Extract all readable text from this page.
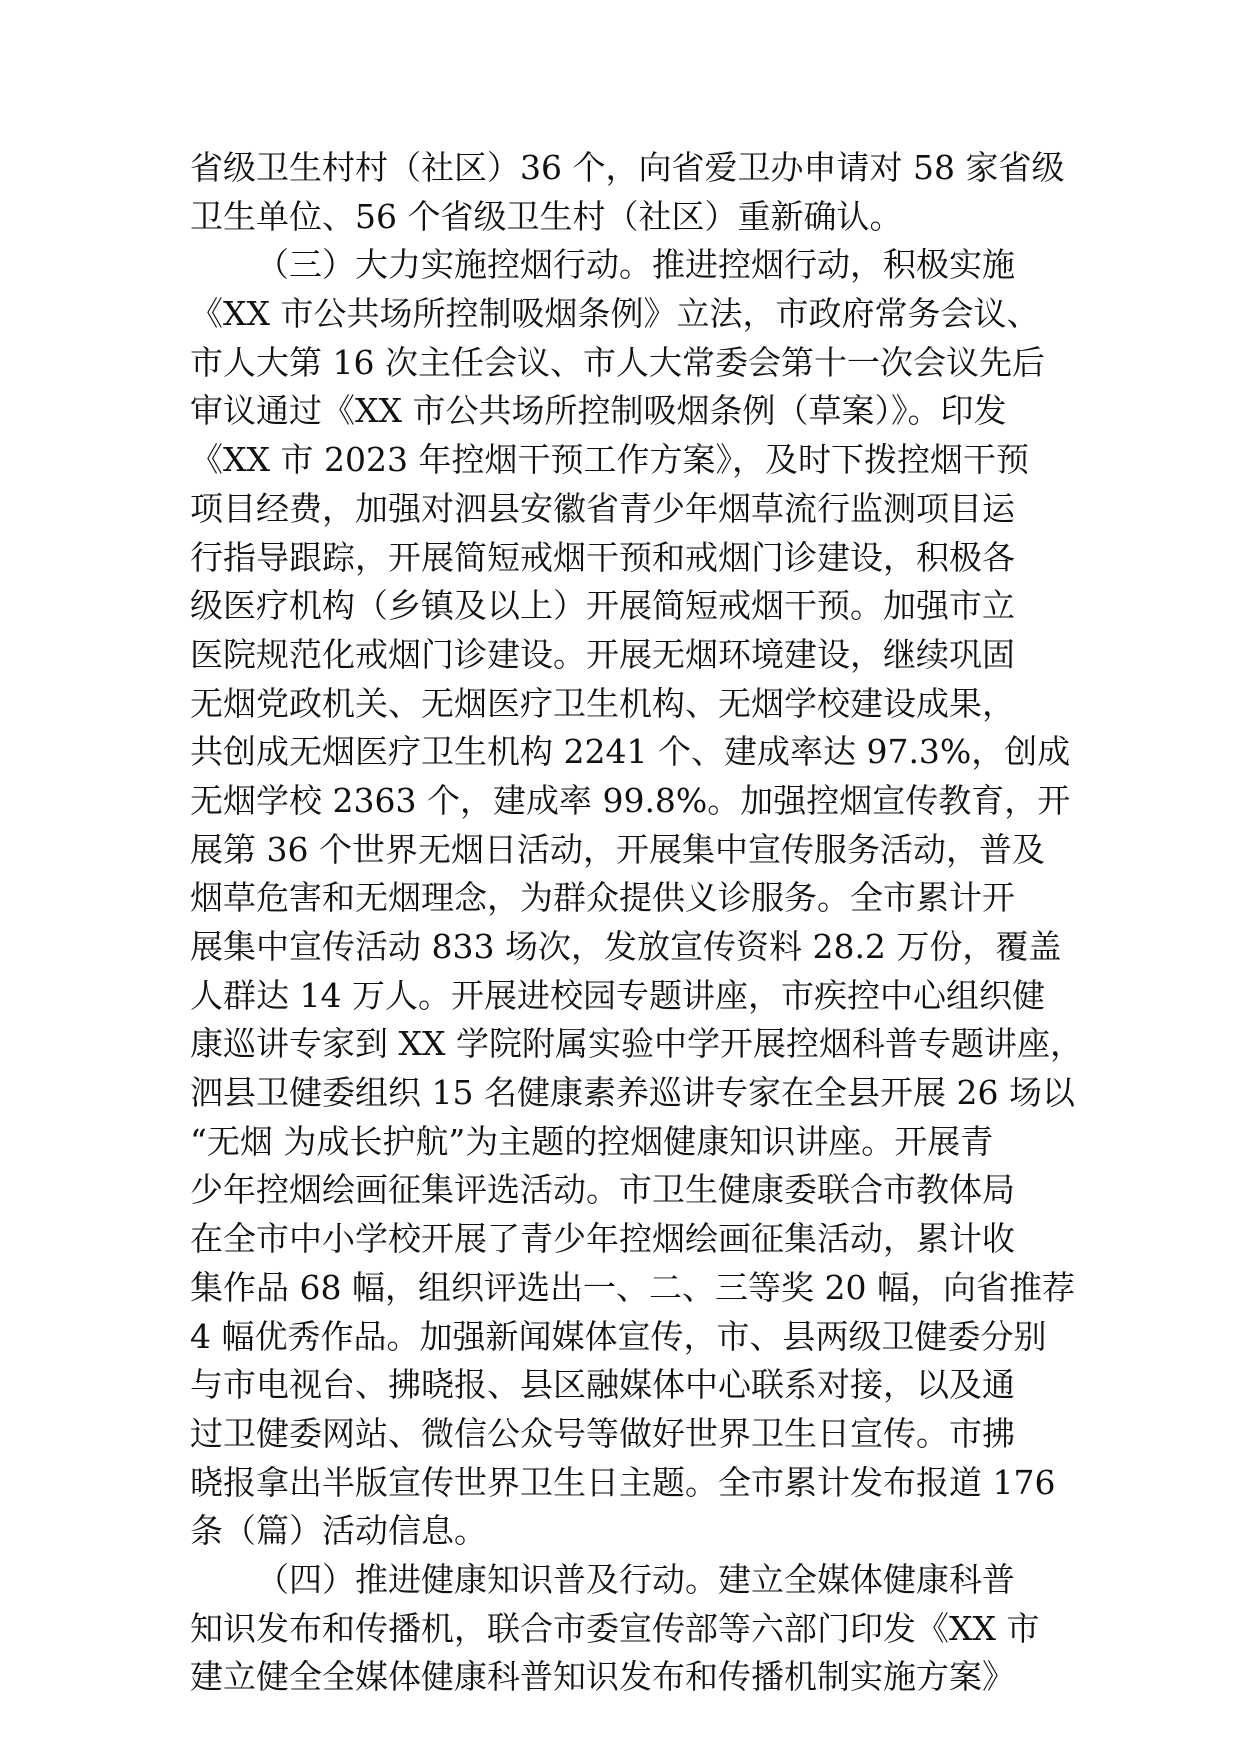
省级卫生村村（社区）36 个，向省爱卫办申请对 58 家省级
卫生单位、56 个省级卫生村（社区）重新确认。
（三）大力实施控烟行动。推进控烟行动，积极实施
《XX 市公共场所控制吸烟条例》立法，市政府常务会议、
市人大第 16 次主任会议、市人大常委会第十一次会议先后
审议通过《XX 市公共场所控制吸烟条例（草案）》。印发
《XX 市 2023 年控烟干预工作方案》，及时下拨控烟干预
项目经费，加强对泗县安徽省青少年烟草流行监测项目运
行指导跟踪，开展简短戒烟干预和戒烟门诊建设，积极各
级医疗机构（乡镇及以上）开展简短戒烟干预。加强市立
医院规范化戒烟门诊建设。开展无烟环境建设，继续巩固
无烟党政机关、无烟医疗卫生机构、无烟学校建设成果，
共创成无烟医疗卫生机构 2241 个、建成率达 97.3%，创成
无烟学校 2363 个，建成率 99.8%。加强控烟宣传教育，开
展第 36 个世界无烟日活动，开展集中宣传服务活动，普及
烟草危害和无烟理念，为群众提供义诊服务。全市累计开
展集中宣传活动 833 场次，发放宣传资料 28.2 万份，覆盖
人群达 14 万人。开展进校园专题讲座，市疾控中心组织健
康巡讲专家到 XX 学院附属实验中学开展控烟科普专题讲座，
泗县卫健委组织 15 名健康素养巡讲专家在全县开展 26 场以
“无烟 为成长护航”为主题的控烟健康知识讲座。开展青
少年控烟绘画征集评选活动。市卫生健康委联合市教体局
在全市中小学校开展了青少年控烟绘画征集活动，累计收
集作品 68 幅，组织评选出一、二、三等奖 20 幅，向省推荐
4 幅优秀作品。加强新闻媒体宣传，市、县两级卫健委分别
与市电视台、拂晓报、县区融媒体中心联系对接，以及通
过卫健委网站、微信公众号等做好世界卫生日宣传。市拂
晓报拿出半版宣传世界卫生日主题。全市累计发布报道 176
条（篇）活动信息。
（四）推进健康知识普及行动。建立全媒体健康科普
知识发布和传播机，联合市委宣传部等六部门印发《XX 市
建立健全全媒体健康科普知识发布和传播机制实施方案》
